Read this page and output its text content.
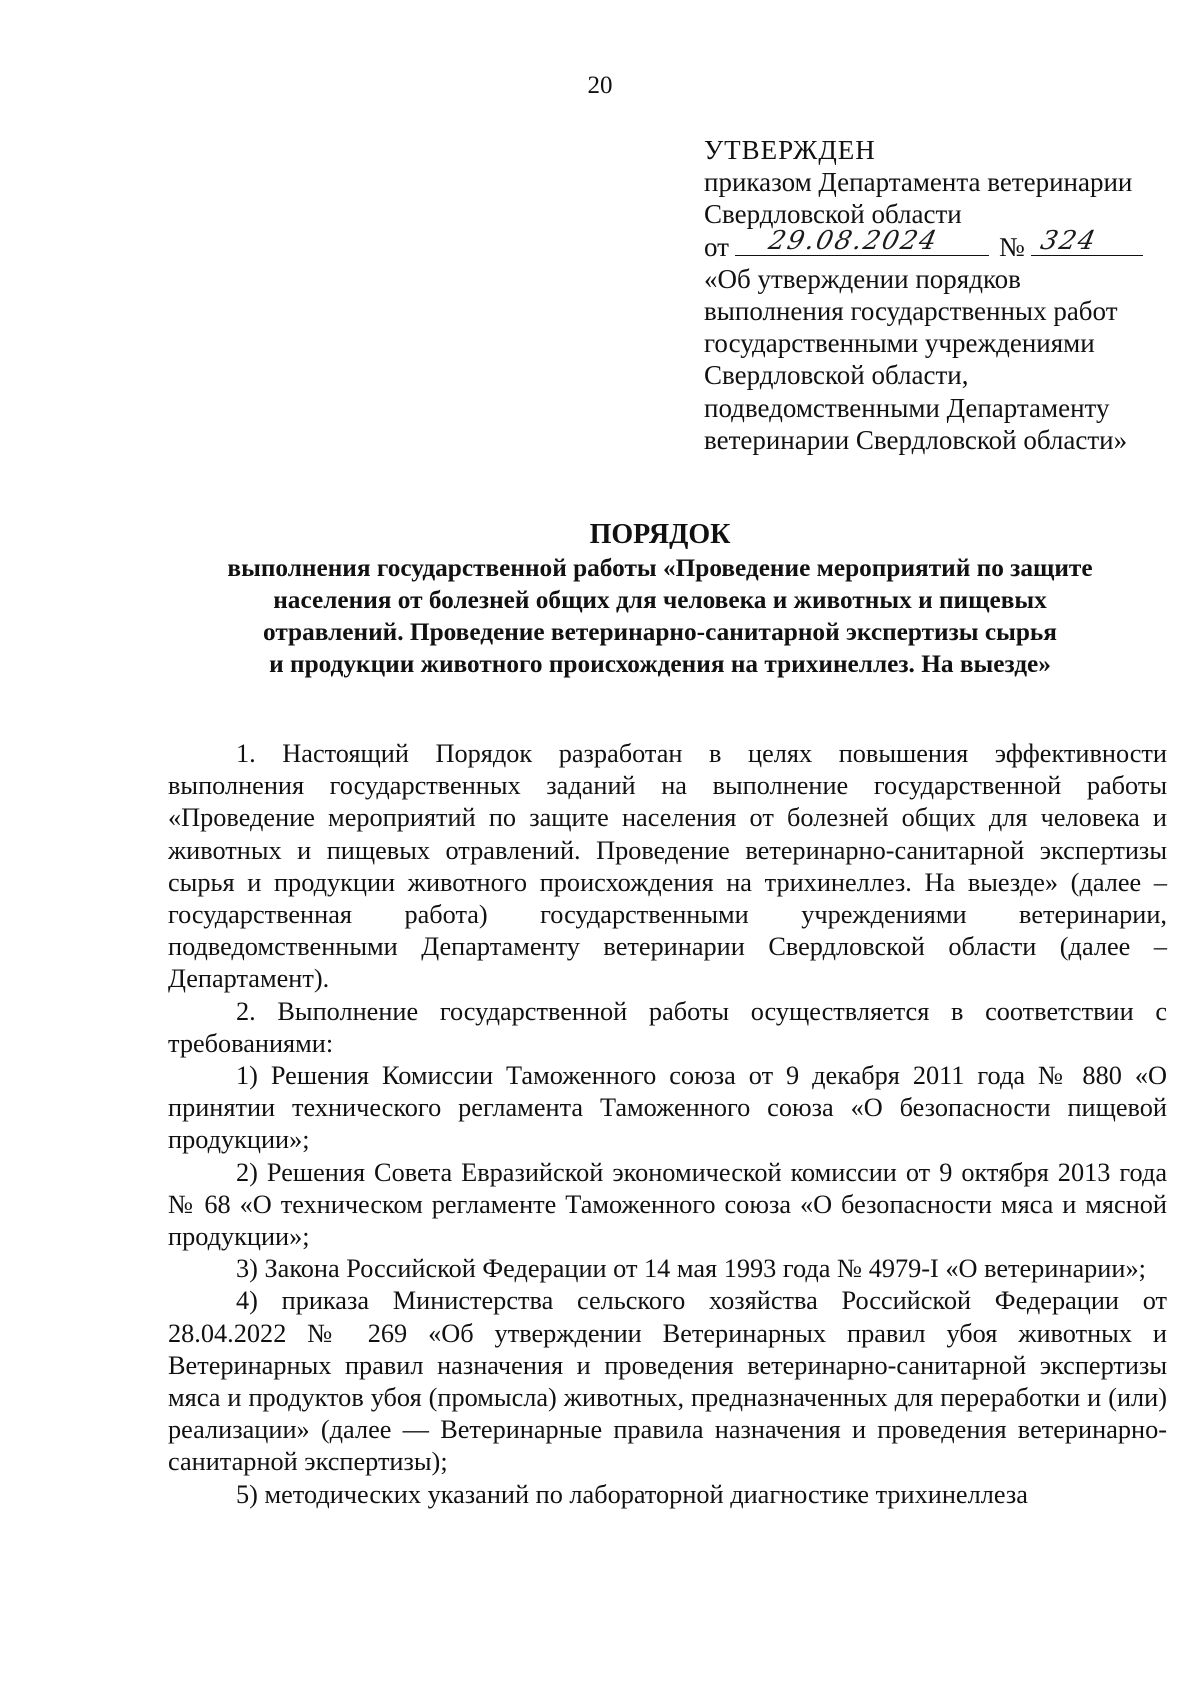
20
УТВЕРЖДЕН
приказом Департамента ветеринарии
Свердловской области
от 29.08.2024 № 324
«Об утверждении порядков
выполнения государственных работ
государственными учреждениями
Свердловской области,
подведомственными Департаменту
ветеринарии Свердловской области»
ПОРЯДОК
выполнения государственной работы «Проведение мероприятий по защите
населения от болезней общих для человека и животных и пищевых
отравлений. Проведение ветеринарно-санитарной экспертизы сырья
и продукции животного происхождения на трихинеллез. На выезде»

1. Настоящий Порядок разработан в целях повышения эффективности выполнения государственных заданий на выполнение государственной работы «Проведение мероприятий по защите населения от болезней общих для человека и животных и пищевых отравлений. Проведение ветеринарно-санитарной экспертизы сырья и продукции животного происхождения на трихинеллез. На выезде» (далее – государственная работа) государственными учреждениями ветеринарии, подведомственными Департаменту ветеринарии Свердловской области (далее – Департамент).

2. Выполнение государственной работы осуществляется в соответствии с требованиями:

1) Решения Комиссии Таможенного союза от 9 декабря 2011 года № 880 «О принятии технического регламента Таможенного союза «О безопасности пищевой продукции»;

2) Решения Совета Евразийской экономической комиссии от 9 октября 2013 года № 68 «О техническом регламенте Таможенного союза «О безопасности мяса и мясной продукции»;

3) Закона Российской Федерации от 14 мая 1993 года № 4979-I «О ветеринарии»;

4) приказа Министерства сельского хозяйства Российской Федерации от 28.04.2022 № 269 «Об утверждении Ветеринарных правил убоя животных и Ветеринарных правил назначения и проведения ветеринарно-санитарной экспертизы мяса и продуктов убоя (промысла) животных, предназначенных для переработки и (или) реализации» (далее — Ветеринарные правила назначения и проведения ветеринарно-санитарной экспертизы);

5) методических указаний по лабораторной диагностике трихинеллеза
